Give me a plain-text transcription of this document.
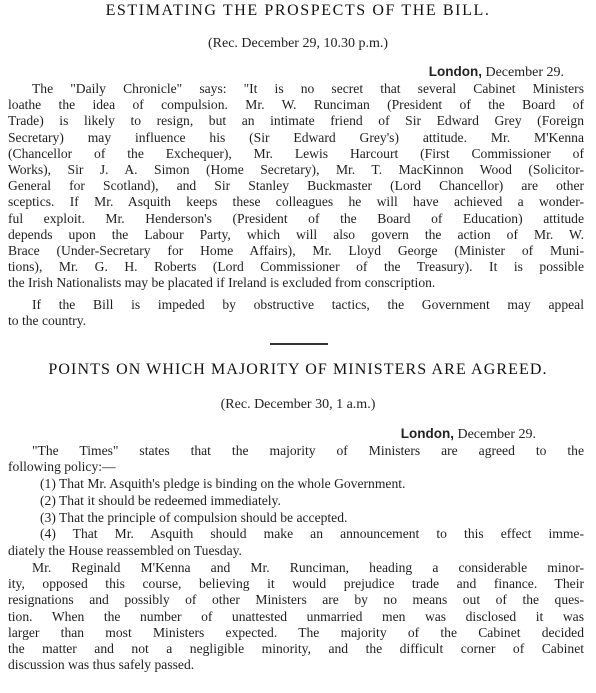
ESTIMATING THE PROSPECTS OF THE BILL.
(Rec. December 29, 10.30 p.m.)
London, December 29.
The "Daily Chronicle" says: "It is no secret that several Cabinet Ministers
loathe the idea of compulsion. Mr. W. Runciman (President of the Board of
Trade) is likely to resign, but an intimate friend of Sir Edward Grey (Foreign
Secretary) may influence his (Sir Edward Grey's) attitude. Mr. M'Kenna
(Chancellor of the Exchequer), Mr. Lewis Harcourt (First Commissioner of
Works), Sir J. A. Simon (Home Secretary), Mr. T. MacKinnon Wood (Solicitor-
General for Scotland), and Sir Stanley Buckmaster (Lord Chancellor) are other
sceptics. If Mr. Asquith keeps these colleagues he will have achieved a wonder-
ful exploit. Mr. Henderson's (President of the Board of Education) attitude
depends upon the Labour Party, which will also govern the action of Mr. W.
Brace (Under-Secretary for Home Affairs), Mr. Lloyd George (Minister of Muni-
tions), Mr. G. H. Roberts (Lord Commissioner of the Treasury). It is possible
the Irish Nationalists may be placated if Ireland is excluded from conscription.
If the Bill is impeded by obstructive tactics, the Government may appeal
to the country.
POINTS ON WHICH MAJORITY OF MINISTERS ARE AGREED.
(Rec. December 30, 1 a.m.)
London, December 29.
"The Times" states that the majority of Ministers are agreed to the
following policy:—
(1) That Mr. Asquith's pledge is binding on the whole Government.
(2) That it should be redeemed immediately.
(3) That the principle of compulsion should be accepted.
(4) That Mr. Asquith should make an announcement to this effect imme-
diately the House reassembled on Tuesday.
Mr. Reginald M'Kenna and Mr. Runciman, heading a considerable minor-
ity, opposed this course, believing it would prejudice trade and finance. Their
resignations and possibly of other Ministers are by no means out of the ques-
tion. When the number of unattested unmarried men was disclosed it was
larger than most Ministers expected. The majority of the Cabinet decided
the matter and not a negligible minority, and the difficult corner of Cabinet
discussion was thus safely passed.
